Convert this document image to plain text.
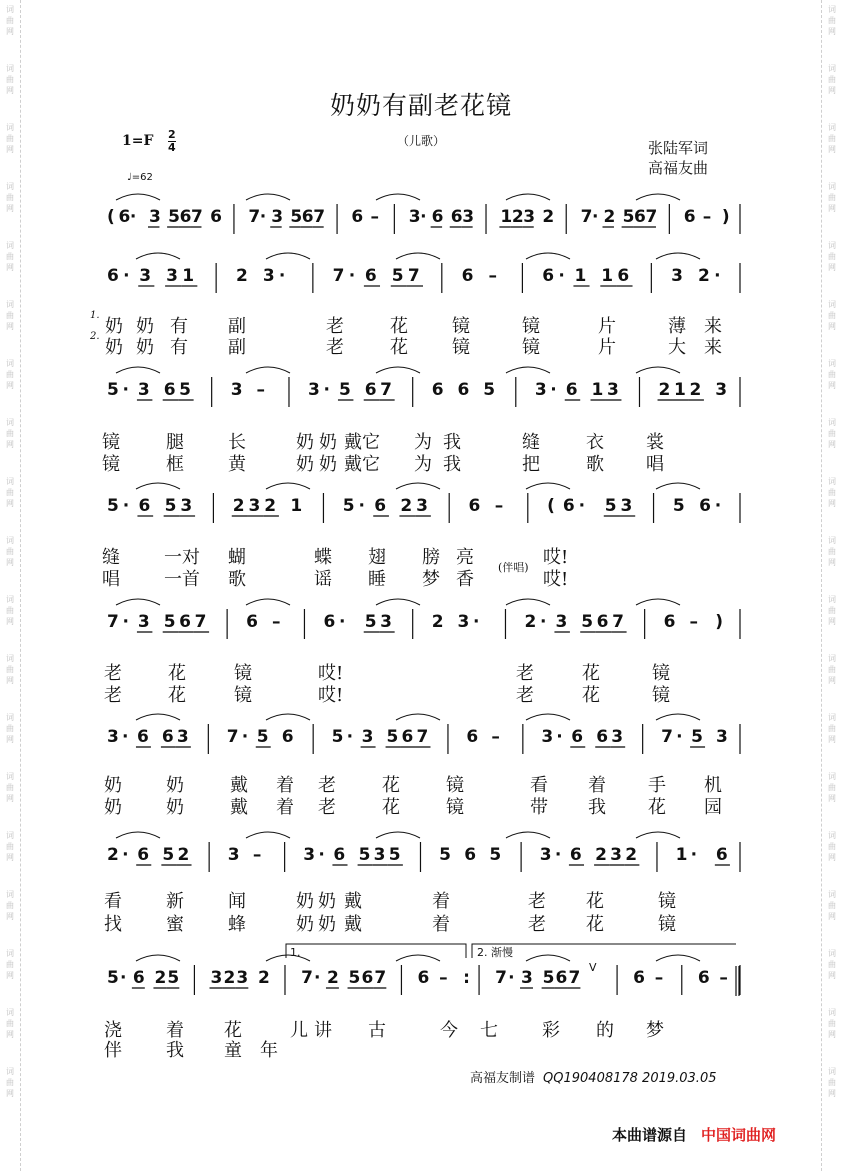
词
曲
网
词
曲
网
词
曲
网
词
曲
网
词
曲
网
词
曲
网
词
曲
网
词
曲
网
词
曲
网
词
曲
网
词
曲
网
词
曲
网
词
曲
网
词
曲
网
词
曲
网
词
曲
网
词
曲
网
词
曲
网
词
曲
网
词
曲
网
词
曲
网
词
曲
网
词
曲
网
词
曲
网
词
曲
网
词
曲
网
词
曲
网
词
曲
网
词
曲
网
词
曲
网
词
曲
网
词
曲
网
词
曲
网
词
曲
网
词
曲
网
词
曲
网
词
曲
网
词
曲
网
奶奶有副老花镜
（儿歌）
$1=F \frac{2}{4}$
♩=62
张陆军词
高福友曲
( 6 · 3 5 6 7 6 7 · 3 5 6 7 6 – 3 · 6 6 3 1 2 3 2 7 · 2 5 6 7 6 – )
6 · 3 3 1 2 3 ·	7 · 6 5 7 6 –	6 · 1 1 6 3 2 ·
5 · 3 6 5 3 –	3 · 5 6 7 6 6 5 3 · 6 1 3 2 1 2 3
5 · 6 5 3 2 3 2 1 5 · 6 2 3 6 –	( 6 · 5 3 5 6 ·
7 · 3 5 6 7 6 –	6 · 5 3 2 3 ·	2 · 3 5 6 7 6 – )
3 · 6 6 3 7 · 5 6 5 · 3 5 6 7 6 – 3 · 6 6 3 7 · 5 3
2 · 6 5 2 3 – 3 · 6 5 3 5 5 6 5 3 · 6 2 3 2 1 · 6
5 · 6 2 5 3 2 3 2 7 · 2 5 6 7 6 – : 7 · 3 5 6 7
V
6 – 6 –
1.	2. 渐慢
1.
奶 奶 有 副	老	花 镜	镜	片	薄 来
2.
奶 奶 有 副	老	花 镜	镜	片	大 来
镜	腿 长	奶 奶 戴它 为 我	缝	衣 裳
镜	框 黄	奶 奶 戴它 为 我	把	歌 唱
缝 一对 蝴	蝶 翅 膀 亮	哎!
唱 一首 歌	谣 睡 梦 香
(伴唱)
哎!
老	花	镜	哎!	老	花	镜
老	花	镜	哎!	老	花	镜
奶 奶	戴 着 老	花	镜	看 着 手 机
奶 奶	戴 着 老	花	镜	带 我 花 园
看 新 闻	奶 奶 戴	着	老 花	镜
找 蜜 蜂	奶 奶 戴	着	老 花	镜
浇 着 花	儿 讲 古	今 七 彩 的 梦
伴 我 童 年
高福友制谱 QQ190408178 2019.03.05
本曲谱源自 中国词曲网
